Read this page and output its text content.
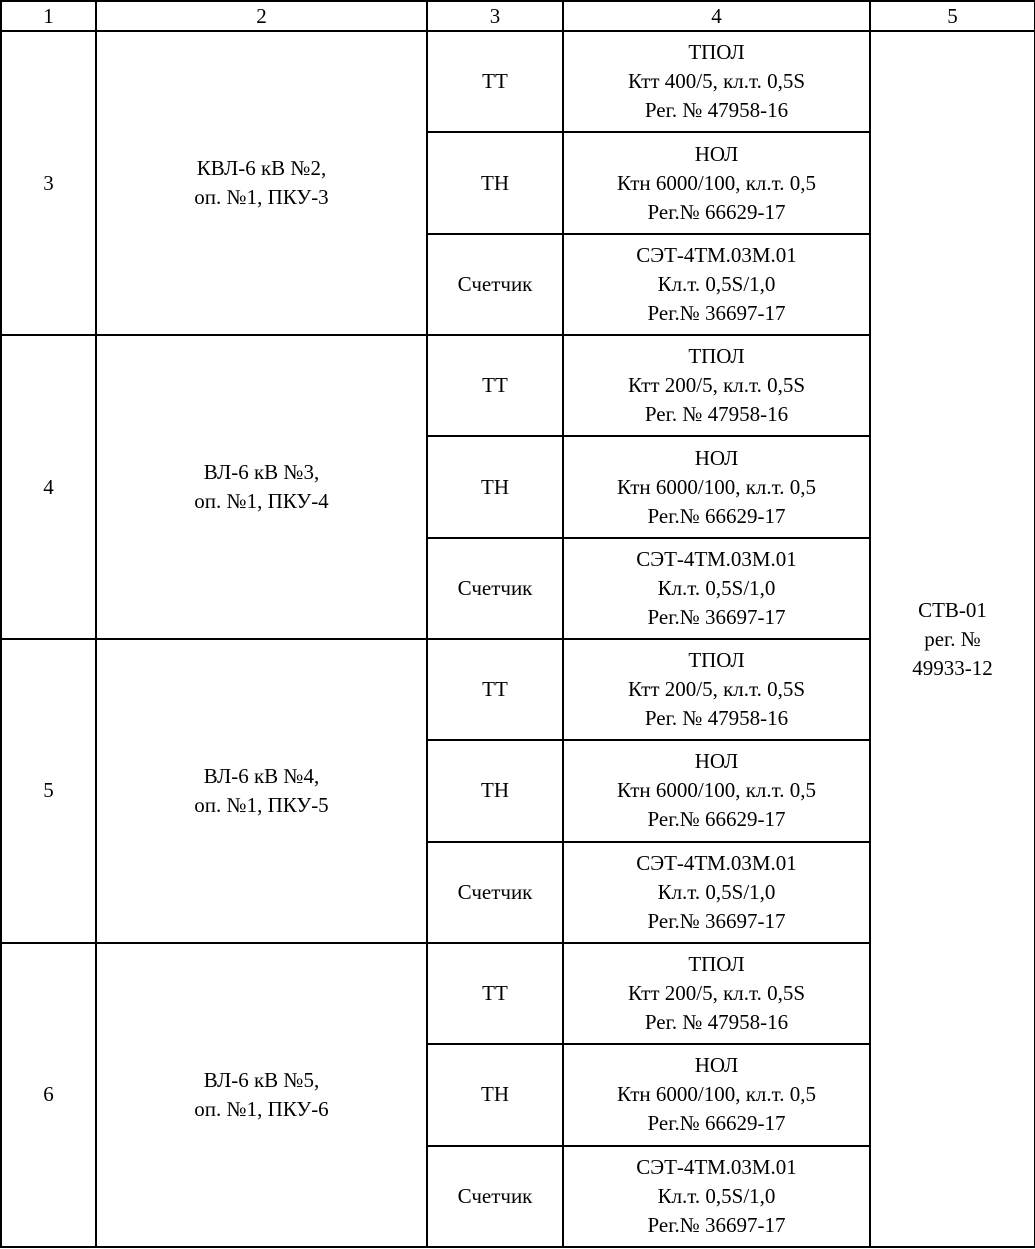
1	2	3	4	5
3	КВЛ-6 кВ №2,
оп. №1, ПКУ-3	ТТ	ТПОЛ
Ктт 400/5, кл.т. 0,5S
Рег. № 47958-16	СТВ-01
рег. №
49933-12

		ТН	НОЛ
Ктн 6000/100, кл.т. 0,5
Рег.№ 66629-17	

		Счетчик	СЭТ-4ТМ.03М.01
Кл.т. 0,5S/1,0
Рег.№ 36697-17	

4	ВЛ-6 кВ №3,
оп. №1, ПКУ-4	ТТ	ТПОЛ
Ктт 200/5, кл.т. 0,5S
Рег. № 47958-16	

		ТН	НОЛ
Ктн 6000/100, кл.т. 0,5
Рег.№ 66629-17	

		Счетчик	СЭТ-4ТМ.03М.01
Кл.т. 0,5S/1,0
Рег.№ 36697-17	

5	ВЛ-6 кВ №4,
оп. №1, ПКУ-5	ТТ	ТПОЛ
Ктт 200/5, кл.т. 0,5S
Рег. № 47958-16	

		ТН	НОЛ
Ктн 6000/100, кл.т. 0,5
Рег.№ 66629-17	

		Счетчик	СЭТ-4ТМ.03М.01
Кл.т. 0,5S/1,0
Рег.№ 36697-17	

6	ВЛ-6 кВ №5,
оп. №1, ПКУ-6	ТТ	ТПОЛ
Ктт 200/5, кл.т. 0,5S
Рег. № 47958-16	

		ТН	НОЛ
Ктн 6000/100, кл.т. 0,5
Рег.№ 66629-17	

		Счетчик	СЭТ-4ТМ.03М.01
Кл.т. 0,5S/1,0
Рег.№ 36697-17	
